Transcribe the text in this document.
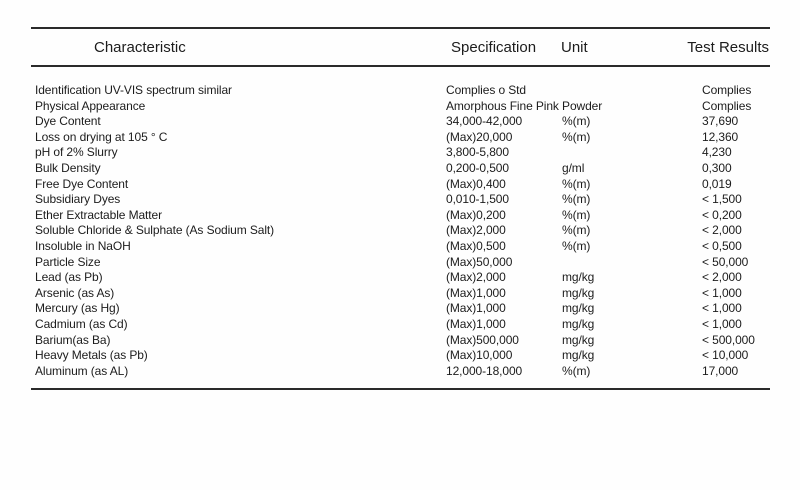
Characteristic	Specification Unit	Test Results
Identification UV-VIS spectrum similar	Complies o Std	Complies
Physical Appearance	Amorphous Fine Pink Powder	Complies
Dye Content	34,000-42,000	%(m)	37,690
Loss on drying at 105 ° C	(Max)20,000	%(m)	12,360
pH of 2% Slurry	3,800-5,800	4,230
Bulk Density	0,200-0,500	g/ml	0,300
Free Dye Content	(Max)0,400	%(m)	0,019
Subsidiary Dyes	0,010-1,500	%(m)	< 1,500
Ether Extractable Matter	(Max)0,200	%(m)	< 0,200
Soluble Chloride & Sulphate (As Sodium Salt)	(Max)2,000	%(m)	< 2,000
Insoluble in NaOH	(Max)0,500	%(m)	< 0,500
Particle Size	(Max)50,000	< 50,000
Lead (as Pb)	(Max)2,000	mg/kg	< 2,000
Arsenic (as As)	(Max)1,000	mg/kg	< 1,000
Mercury (as Hg)	(Max)1,000	mg/kg	< 1,000
Cadmium (as Cd)	(Max)1,000	mg/kg	< 1,000
Barium(as Ba)	(Max)500,000	mg/kg	< 500,000
Heavy Metals (as Pb)	(Max)10,000	mg/kg	< 10,000
Aluminum (as AL)	12,000-18,000	%(m)	17,000
